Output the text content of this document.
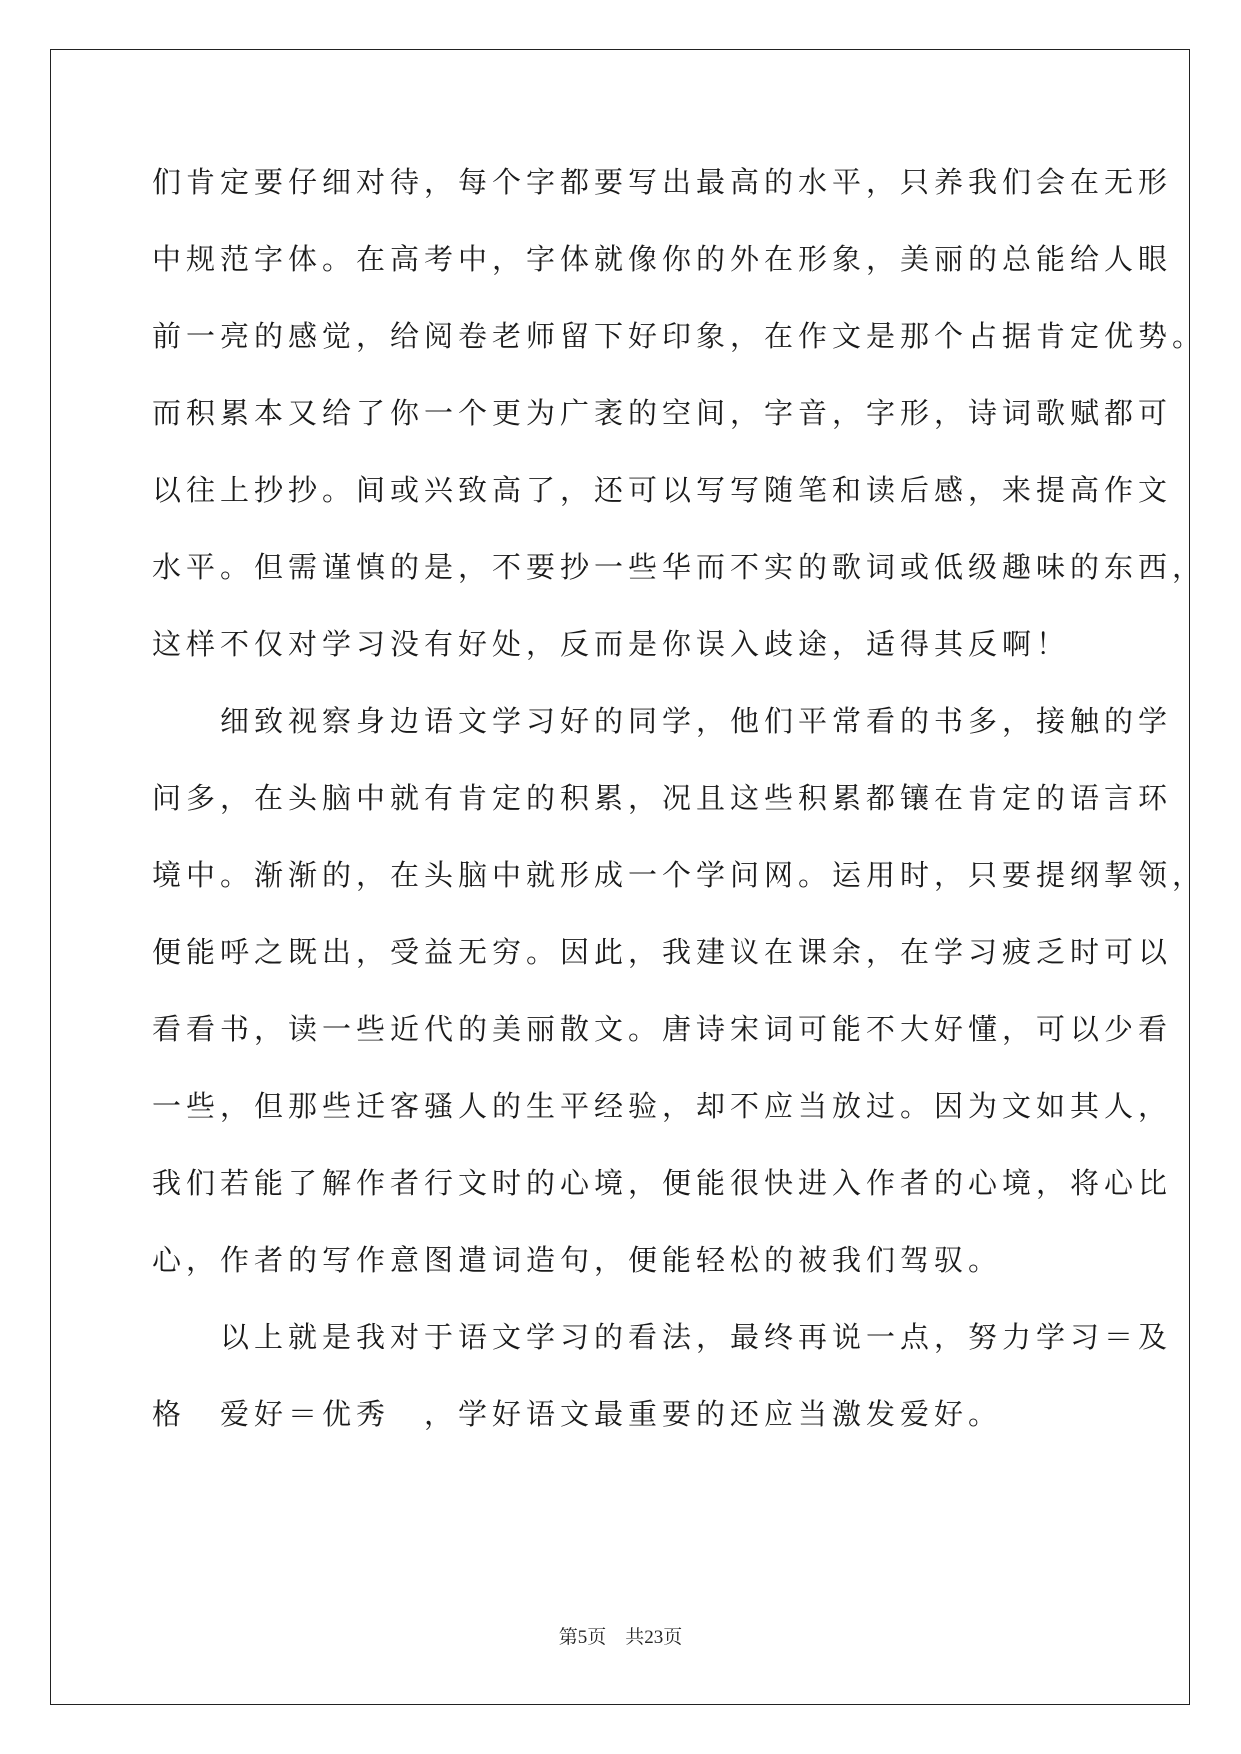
们肯定要仔细对待，每个字都要写出最高的水平，只养我们会在无形
中规范字体。在高考中，字体就像你的外在形象，美丽的总能给人眼
前一亮的感觉，给阅卷老师留下好印象，在作文是那个占据肯定优势。
而积累本又给了你一个更为广袤的空间，字音，字形，诗词歌赋都可
以往上抄抄。间或兴致高了，还可以写写随笔和读后感，来提高作文
水平。但需谨慎的是，不要抄一些华而不实的歌词或低级趣味的东西，
这样不仅对学习没有好处，反而是你误入歧途，适得其反啊！
　　细致视察身边语文学习好的同学，他们平常看的书多，接触的学
问多，在头脑中就有肯定的积累，况且这些积累都镶在肯定的语言环
境中。渐渐的，在头脑中就形成一个学问网。运用时，只要提纲挈领，
便能呼之既出，受益无穷。因此，我建议在课余，在学习疲乏时可以
看看书，读一些近代的美丽散文。唐诗宋词可能不大好懂，可以少看
一些，但那些迁客骚人的生平经验，却不应当放过。因为文如其人，
我们若能了解作者行文时的心境，便能很快进入作者的心境，将心比
心，作者的写作意图遣词造句，便能轻松的被我们驾驭。
　　以上就是我对于语文学习的看法，最终再说一点，努力学习＝及
格　爱好＝优秀　，学好语文最重要的还应当激发爱好。
第5页　共23页
